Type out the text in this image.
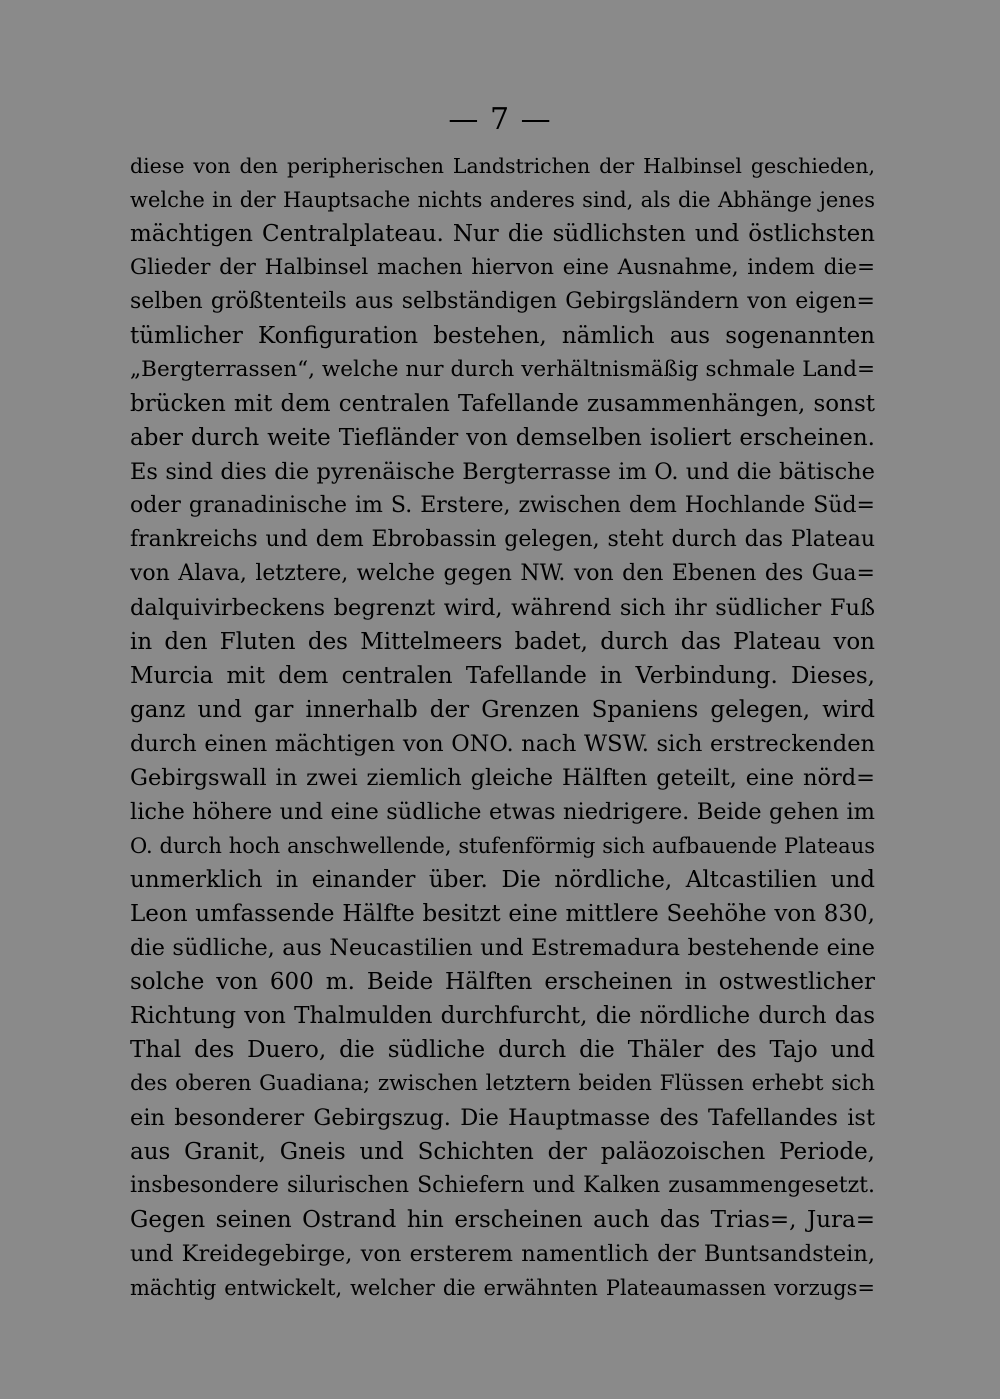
— 7 —
diese von den peripherischen Landstrichen der Halbinsel geschieden,
welche in der Hauptsache nichts anderes sind, als die Abhänge jenes
mächtigen Centralplateau. Nur die südlichsten und östlichsten
Glieder der Halbinsel machen hiervon eine Ausnahme, indem die=
selben größtenteils aus selbständigen Gebirgsländern von eigen=
tümlicher Konfiguration bestehen, nämlich aus sogenannten
„Bergterrassen“, welche nur durch verhältnismäßig schmale Land=
brücken mit dem centralen Tafellande zusammenhängen, sonst
aber durch weite Tiefländer von demselben isoliert erscheinen.
Es sind dies die pyrenäische Bergterrasse im O. und die bätische
oder granadinische im S. Erstere, zwischen dem Hochlande Süd=
frankreichs und dem Ebrobassin gelegen, steht durch das Plateau
von Alava, letztere, welche gegen NW. von den Ebenen des Gua=
dalquivirbeckens begrenzt wird, während sich ihr südlicher Fuß
in den Fluten des Mittelmeers badet, durch das Plateau von
Murcia mit dem centralen Tafellande in Verbindung. Dieses,
ganz und gar innerhalb der Grenzen Spaniens gelegen, wird
durch einen mächtigen von ONO. nach WSW. sich erstreckenden
Gebirgswall in zwei ziemlich gleiche Hälften geteilt, eine nörd=
liche höhere und eine südliche etwas niedrigere. Beide gehen im
O. durch hoch anschwellende, stufenförmig sich aufbauende Plateaus
unmerklich in einander über. Die nördliche, Altcastilien und
Leon umfassende Hälfte besitzt eine mittlere Seehöhe von 830,
die südliche, aus Neucastilien und Estremadura bestehende eine
solche von 600 m. Beide Hälften erscheinen in ostwestlicher
Richtung von Thalmulden durchfurcht, die nördliche durch das
Thal des Duero, die südliche durch die Thäler des Tajo und
des oberen Guadiana; zwischen letztern beiden Flüssen erhebt sich
ein besonderer Gebirgszug. Die Hauptmasse des Tafellandes ist
aus Granit, Gneis und Schichten der paläozoischen Periode,
insbesondere silurischen Schiefern und Kalken zusammengesetzt.
Gegen seinen Ostrand hin erscheinen auch das Trias=, Jura=
und Kreidegebirge, von ersterem namentlich der Buntsandstein,
mächtig entwickelt, welcher die erwähnten Plateaumassen vorzugs=
